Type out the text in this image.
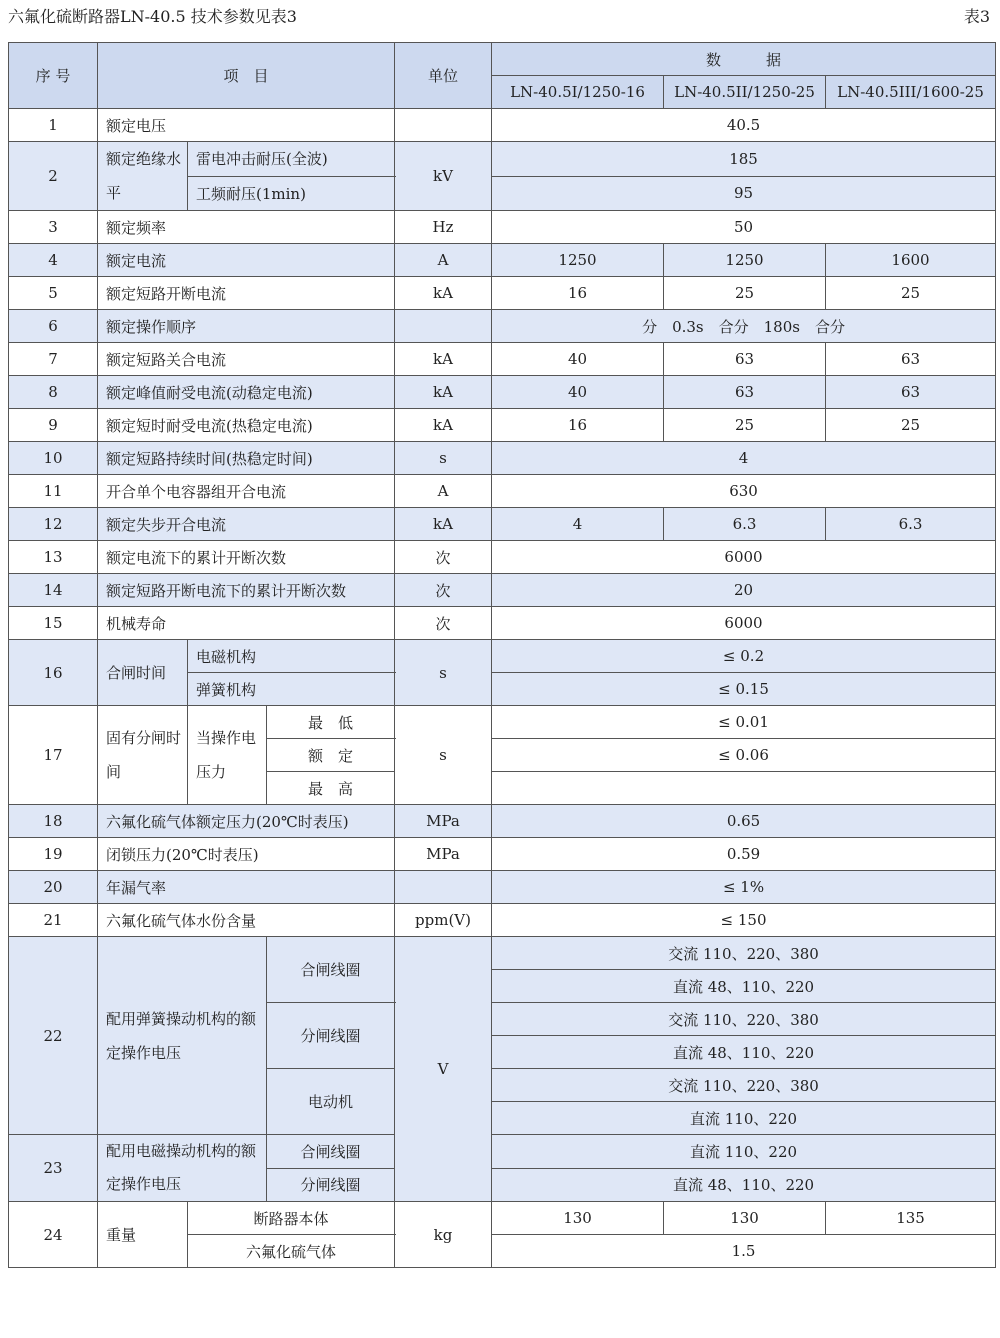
六氟化硫断路器LN-40.5 技术参数见表3	表3
序 号	项　目			单位	数　　　据		
					LN-40.5I/1250-16	LN-40.5II/1250-25	LN-40.5III/1600-25
1	额定电压				40.5		
2	额定绝缘水平	雷电冲击耐压(全波)		kV	185		
		工频耐压(1min)			95		
3	额定频率			Hz	50		
4	额定电流			A	1250	1250	1600
5	额定短路开断电流			kA	16	25	25
6	额定操作顺序				分　0.3s　合分　180s　合分		
7	额定短路关合电流			kA	40	63	63
8	额定峰值耐受电流(动稳定电流)			kA	40	63	63
9	额定短时耐受电流(热稳定电流)			kA	16	25	25
10	额定短路持续时间(热稳定时间)			s	4		
11	开合单个电容器组开合电流			A	630		
12	额定失步开合电流			kA	4	6.3	6.3
13	额定电流下的累计开断次数			次	6000		
14	额定短路开断电流下的累计开断次数			次	20		
15	机械寿命			次	6000		
16	合闸时间	电磁机构		s	≤ 0.2		
		弹簧机构			≤ 0.15		
17	固有分闸时间	当操作电压力	最　低	s	≤ 0.01		
			额　定		≤ 0.06		
			最　高				
18	六氟化硫气体额定压力(20℃时表压)			MPa	0.65		
19	闭锁压力(20℃时表压)			MPa	0.59		
20	年漏气率				≤ 1%		
21	六氟化硫气体水份含量			ppm(V)	≤ 150		
22	配用弹簧操动机构的额定操作电压		合闸线圈	V	交流 110、220、380		
					直流 48、110、220		
			分闸线圈		交流 110、220、380		
					直流 48、110、220		
			电动机		交流 110、220、380		
					直流 110、220		
23	配用电磁操动机构的额定操作电压		合闸线圈		直流 110、220		
			分闸线圈		直流 48、110、220		
24	重量	断路器本体		kg	130	130	135
		六氟化硫气体			1.5		
